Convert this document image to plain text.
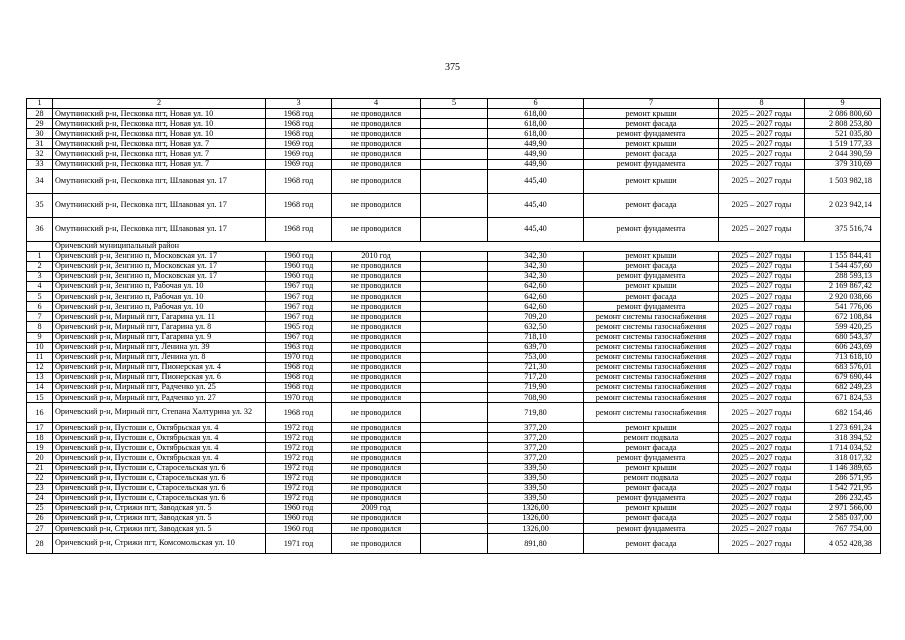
375
1	2	3	4	5	6	7	8	9
28	Омутнинский р-н, Песковка пгт, Новая ул. 10	1968 год	не проводился		618,00	ремонт крыши	2025 – 2027 годы	2 086 800,60
29	Омутнинский р-н, Песковка пгт, Новая ул. 10	1968 год	не проводился		618,00	ремонт фасада	2025 – 2027 годы	2 808 253,80
30	Омутнинский р-н, Песковка пгт, Новая ул. 10	1968 год	не проводился		618,00	ремонт фундамента	2025 – 2027 годы	521 035,80
31	Омутнинский р-н, Песковка пгт, Новая ул. 7	1969 год	не проводился		449,90	ремонт крыши	2025 – 2027 годы	1 519 177,33
32	Омутнинский р-н, Песковка пгт, Новая ул. 7	1969 год	не проводился		449,90	ремонт фасада	2025 – 2027 годы	2 044 390,59
33	Омутнинский р-н, Песковка пгт, Новая ул. 7	1969 год	не проводился		449,90	ремонт фундамента	2025 – 2027 годы	379 310,69
34	Омутнинский р-н, Песковка пгт, Шлаковая ул. 17	1968 год	не проводился		445,40	ремонт крыши	2025 – 2027 годы	1 503 982,18
35	Омутнинский р-н, Песковка пгт, Шлаковая ул. 17	1968 год	не проводился		445,40	ремонт фасада	2025 – 2027 годы	2 023 942,14
36	Омутнинский р-н, Песковка пгт, Шлаковая ул. 17	1968 год	не проводился		445,40	ремонт фундамента	2025 – 2027 годы	375 516,74
	Оричевский муниципальный район							
1	Оричевский р-н, Зенгино п, Московская ул. 17	1960 год	2010 год		342,30	ремонт крыши	2025 – 2027 годы	1 155 844,41
2	Оричевский р-н, Зенгино п, Московская ул. 17	1960 год	не проводился		342,30	ремонт фасада	2025 – 2027 годы	1 544 457,60
3	Оричевский р-н, Зенгино п, Московская ул. 17	1960 год	не проводился		342,30	ремонт фундамента	2025 – 2027 годы	288 593,13
4	Оричевский р-н, Зенгино п, Рабочая ул. 10	1967 год	не проводился		642,60	ремонт крыши	2025 – 2027 годы	2 169 867,42
5	Оричевский р-н, Зенгино п, Рабочая ул. 10	1967 год	не проводился		642,60	ремонт фасада	2025 – 2027 годы	2 920 038,66
6	Оричевский р-н, Зенгино п, Рабочая ул. 10	1967 год	не проводился		642,60	ремонт фундамента	2025 – 2027 годы	541 776,06
7	Оричевский р-н, Мирный пгт, Гагарина ул. 11	1967 год	не проводился		709,20	ремонт системы газоснабжения	2025 – 2027 годы	672 108,84
8	Оричевский р-н, Мирный пгт, Гагарина ул. 8	1965 год	не проводился		632,50	ремонт системы газоснабжения	2025 – 2027 годы	599 420,25
9	Оричевский р-н, Мирный пгт, Гагарина ул. 9	1967 год	не проводился		718,10	ремонт системы газоснабжения	2025 – 2027 годы	680 543,37
10	Оричевский р-н, Мирный пгт, Ленина ул. 39	1963 год	не проводился		639,70	ремонт системы газоснабжения	2025 – 2027 годы	606 243,69
11	Оричевский р-н, Мирный пгт, Ленина ул. 8	1970 год	не проводился		753,00	ремонт системы газоснабжения	2025 – 2027 годы	713 618,10
12	Оричевский р-н, Мирный пгт, Пионерская ул. 4	1968 год	не проводился		721,30	ремонт системы газоснабжения	2025 – 2027 годы	683 576,01
13	Оричевский р-н, Мирный пгт, Пионерская ул. 6	1968 год	не проводился		717,20	ремонт системы газоснабжения	2025 – 2027 годы	679 690,44
14	Оричевский р-н, Мирный пгт, Радченко ул. 25	1968 год	не проводился		719,90	ремонт системы газоснабжения	2025 – 2027 годы	682 249,23
15	Оричевский р-н, Мирный пгт, Радченко ул. 27	1970 год	не проводился		708,90	ремонт системы газоснабжения	2025 – 2027 годы	671 824,53
16	Оричевский р-н, Мирный пгт, Степана Халтурина ул. 32	1968 год	не проводился		719,80	ремонт системы газоснабжения	2025 – 2027 годы	682 154,46
17	Оричевский р-н, Пустоши с, Октябрьская ул. 4	1972 год	не проводился		377,20	ремонт крыши	2025 – 2027 годы	1 273 691,24
18	Оричевский р-н, Пустоши с, Октябрьская ул. 4	1972 год	не проводился		377,20	ремонт подвала	2025 – 2027 годы	318 394,52
19	Оричевский р-н, Пустоши с, Октябрьская ул. 4	1972 год	не проводился		377,20	ремонт фасада	2025 – 2027 годы	1 714 034,52
20	Оричевский р-н, Пустоши с, Октябрьская ул. 4	1972 год	не проводился		377,20	ремонт фундамента	2025 – 2027 годы	318 017,32
21	Оричевский р-н, Пустоши с, Старосельская ул. 6	1972 год	не проводился		339,50	ремонт крыши	2025 – 2027 годы	1 146 389,65
22	Оричевский р-н, Пустоши с, Старосельская ул. 6	1972 год	не проводился		339,50	ремонт подвала	2025 – 2027 годы	286 571,95
23	Оричевский р-н, Пустоши с, Старосельская ул. 6	1972 год	не проводился		339,50	ремонт фасада	2025 – 2027 годы	1 542 721,95
24	Оричевский р-н, Пустоши с, Старосельская ул. 6	1972 год	не проводился		339,50	ремонт фундамента	2025 – 2027 годы	286 232,45
25	Оричевский р-н, Стрижи пгт, Заводская ул. 5	1960 год	2009 год		1326,00	ремонт крыши	2025 – 2027 годы	2 971 566,00
26	Оричевский р-н, Стрижи пгт, Заводская ул. 5	1960 год	не проводился		1326,00	ремонт фасада	2025 – 2027 годы	2 585 037,00
27	Оричевский р-н, Стрижи пгт, Заводская ул. 5	1960 год	не проводился		1326,00	ремонт фундамента	2025 – 2027 годы	767 754,00
28	Оричевский р-н, Стрижи пгт, Комсомольская ул. 10	1971 год	не проводился		891,80	ремонт фасада	2025 – 2027 годы	4 052 428,38
